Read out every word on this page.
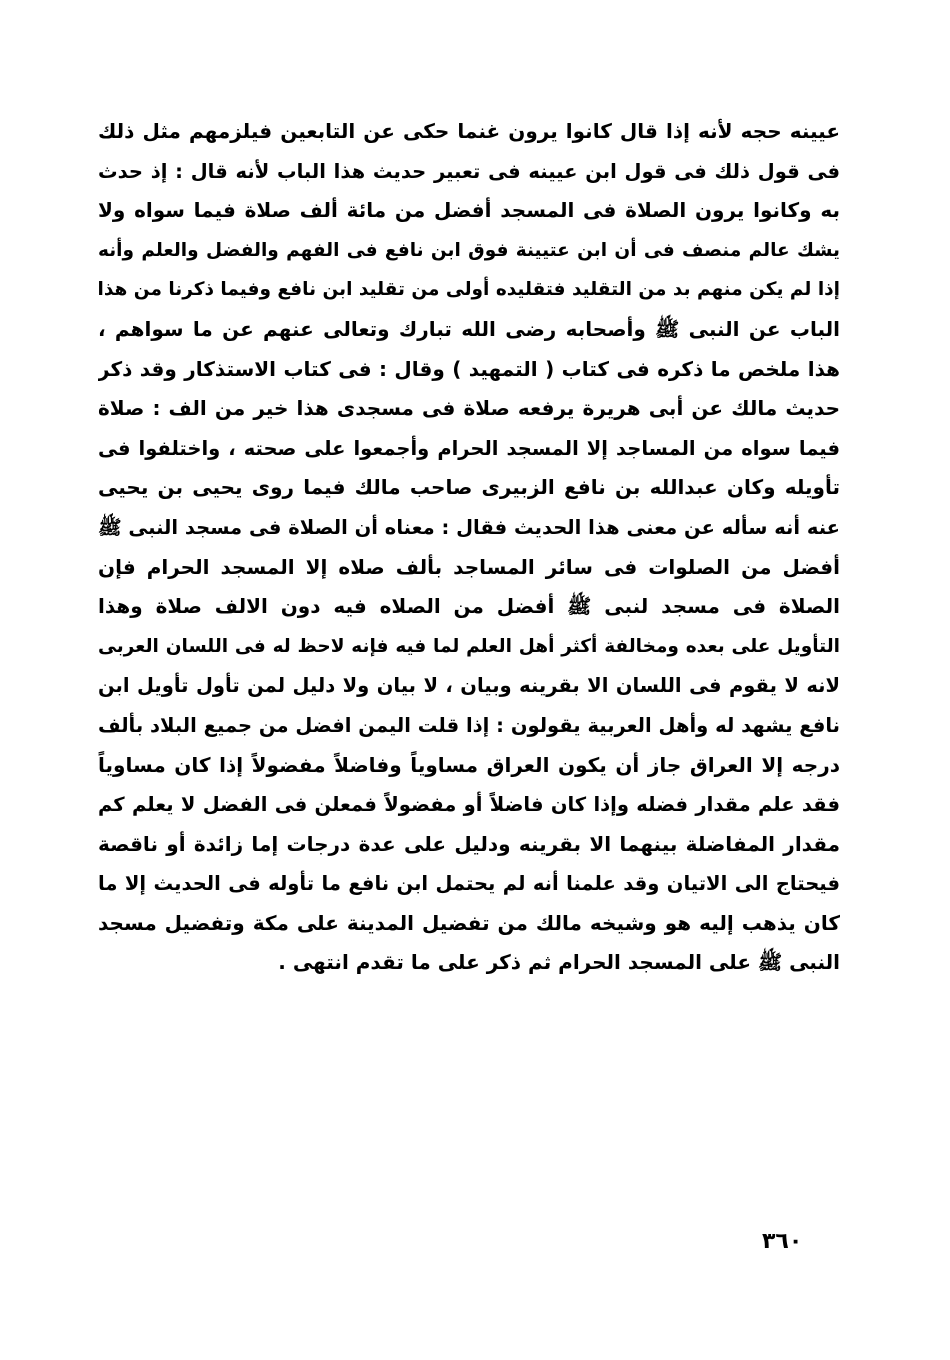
عيينه حجه لأنه إذا قال كانوا يرون غنما حكى عن التابعين فيلزمهم مثل ذلك
فى قول ذلك فى قول ابن عيينه فى تعبير حديث هذا الباب لأنه قال : إذ حدث
به وكانوا يرون الصلاة فى المسجد أفضل من مائة ألف صلاة فيما سواه ولا
يشك عالم منصف فى أن ابن عتيينة فوق ابن نافع فى الفهم والفضل والعلم وأنه
إذا لم يكن منهم بد من التقليد فتقليده أولى من تقليد ابن نافع وفيما ذكرنا من هذا
الباب عن النبى ﷺ وأصحابه رضى الله تبارك وتعالى عنهم عن ما سواهم ،
هذا ملخص ما ذكره فى كتاب ( التمهيد ) وقال : فى كتاب الاستذكار وقد ذكر
حديث مالك عن أبى هريرة يرفعه صلاة فى مسجدى هذا خير من الف : صلاة
فيما سواه من المساجد إلا المسجد الحرام وأجمعوا على صحته ، واختلفوا فى
تأويله وكان عبدالله بن نافع الزبيرى صاحب مالك فيما روى يحيى بن يحيى
عنه أنه سأله عن معنى هذا الحديث فقال : معناه أن الصلاة فى مسجد النبى ﷺ
أفضل من الصلوات فى سائر المساجد بألف صلاه إلا المسجد الحرام فإن
الصلاة فى مسجد لنبى ﷺ أفضل من الصلاه فيه دون الالف صلاة وهذا
التأويل على بعده ومخالفة أكثر أهل العلم لما فيه فإنه لاحظ له فى اللسان العربى
لانه لا يقوم فى اللسان الا بقرينه وبيان ، لا بيان ولا دليل لمن تأول تأويل ابن
نافع يشهد له وأهل العربية يقولون : إذا قلت اليمن افضل من جميع البلاد بألف
درجه إلا العراق جاز أن يكون العراق مساوياً وفاضلاً مفضولاً إذا كان مساوياً
فقد علم مقدار فضله وإذا كان فاضلاً أو مفضولاً فمعلن فى الفضل لا يعلم كم
مقدار المفاضلة بينهما الا بقرينه ودليل على عدة درجات إما زائدة أو ناقصة
فيحتاج الى الاتيان وقد علمنا أنه لم يحتمل ابن نافع ما تأوله فى الحديث إلا ما
كان يذهب إليه هو وشيخه مالك من تفضيل المدينة على مكة وتفضيل مسجد
النبى ﷺ على المسجد الحرام ثم ذكر على ما تقدم انتهى .
٣٦٠
